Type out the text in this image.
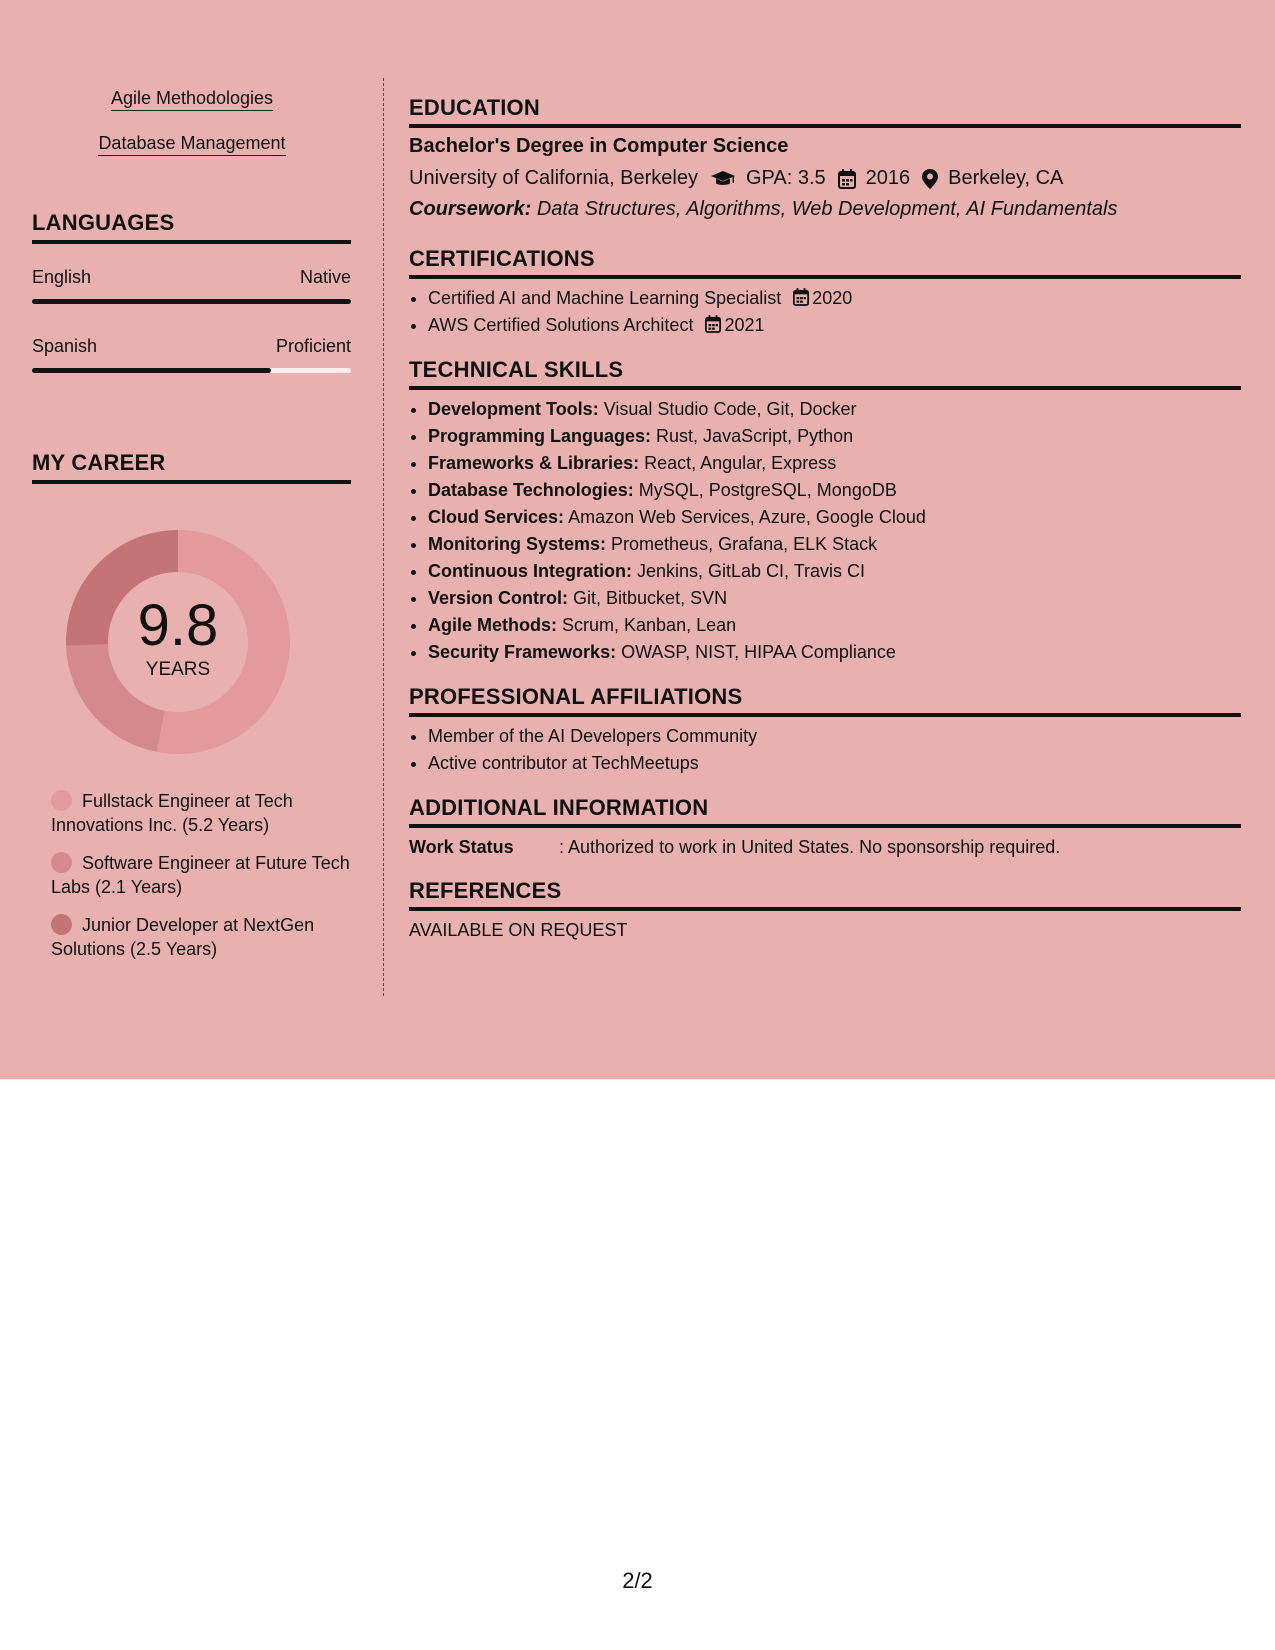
Agile Methodologies
Database Management
LANGUAGES
English	Native
Spanish	Proficient
MY CAREER
9.8
YEARS
Fullstack Engineer at Tech Innovations Inc. (5.2 Years)
Software Engineer at Future Tech Labs (2.1 Years)
Junior Developer at NextGen Solutions (2.5 Years)
EDUCATION
Bachelor's Degree in Computer Science
University of California, Berkeley GPA: 3.5 2016 Berkeley, CA
Coursework: Data Structures, Algorithms, Web Development, AI Fundamentals
CERTIFICATIONS
• Certified AI and Machine Learning Specialist 2020
• AWS Certified Solutions Architect 2021
TECHNICAL SKILLS
• Development Tools: Visual Studio Code, Git, Docker
• Programming Languages: Rust, JavaScript, Python
• Frameworks & Libraries: React, Angular, Express
• Database Technologies: MySQL, PostgreSQL, MongoDB
• Cloud Services: Amazon Web Services, Azure, Google Cloud
• Monitoring Systems: Prometheus, Grafana, ELK Stack
• Continuous Integration: Jenkins, GitLab CI, Travis CI
• Version Control: Git, Bitbucket, SVN
• Agile Methods: Scrum, Kanban, Lean
• Security Frameworks: OWASP, NIST, HIPAA Compliance
PROFESSIONAL AFFILIATIONS
• Member of the AI Developers Community
• Active contributor at TechMeetups
ADDITIONAL INFORMATION
Work Status	: Authorized to work in United States. No sponsorship required.
REFERENCES
AVAILABLE ON REQUEST
2/2
